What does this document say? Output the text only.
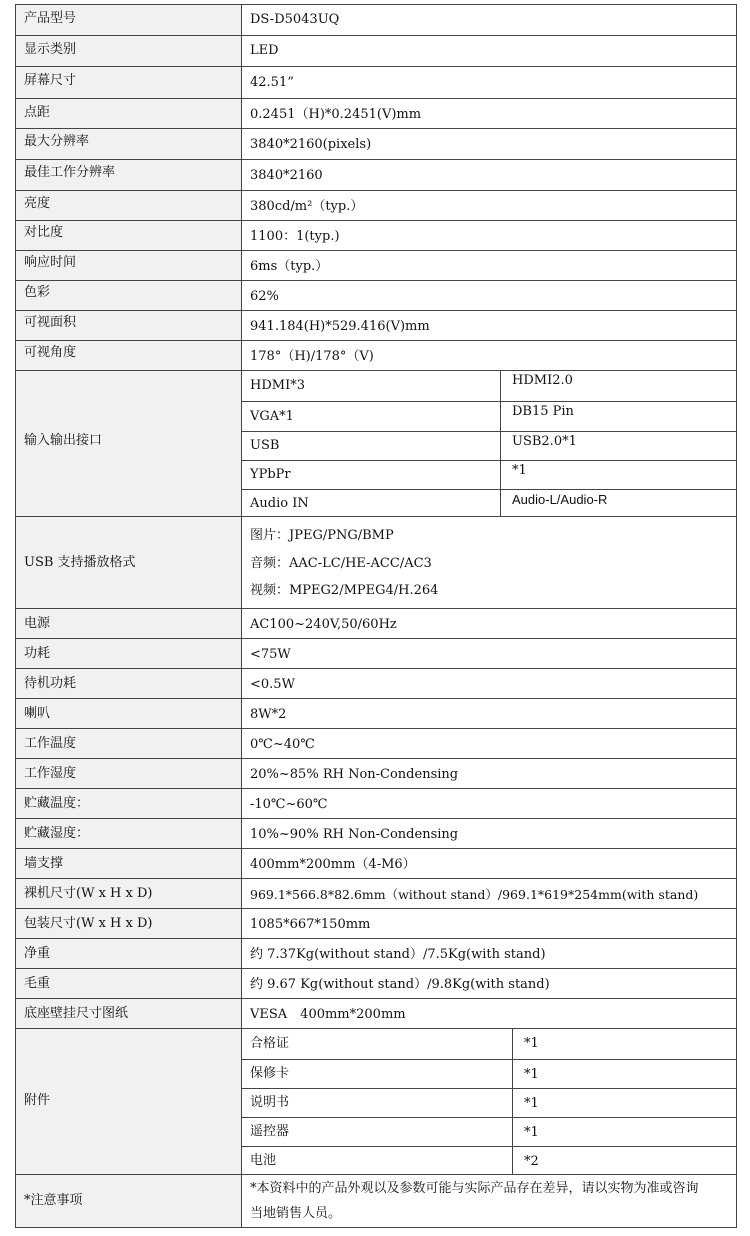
产品型号	DS-D5043UQ
显示类别	LED
屏幕尺寸	42.51”
点距	0.2451（H)*0.2451(V)mm
最大分辨率	3840*2160(pixels)
最佳工作分辨率	3840*2160
亮度	380cd/m²（typ.）
对比度	1100：1(typ.)
响应时间	6ms（typ.）
色彩	62%
可视面积	941.184(H)*529.416(V)mm
可视角度	178°（H)/178°（V)
输入输出接口
HDMI*3	HDMI2.0
VGA*1	DB15 Pin
USB	USB2.0*1
YPbPr	*1
Audio IN	Audio-L/Audio-R
USB 支持播放格式
图片：JPEG/PNG/BMP
音频：AAC-LC/HE-ACC/AC3
视频：MPEG2/MPEG4/H.264
电源	AC100~240V,50/60Hz
功耗	<75W
待机功耗	<0.5W
喇叭	8W*2
工作温度	0℃~40℃
工作湿度	20%~85% RH Non-Condensing
贮藏温度：	-10℃~60℃
贮藏湿度：	10%~90% RH Non-Condensing
墙支撑	400mm*200mm（4-M6）
裸机尺寸(W x H x D)	969.1*566.8*82.6mm（without stand）/969.1*619*254mm(with stand)
包装尺寸(W x H x D)	1085*667*150mm
净重	约 7.37Kg(without stand）/7.5Kg(with stand)
毛重	约 9.67 Kg(without stand）/9.8Kg(with stand)
底座壁挂尺寸图纸	VESA　400mm*200mm
附件
合格证	*1
保修卡	*1
说明书	*1
遥控器	*1
电池	*2
*注意事项
*本资料中的产品外观以及参数可能与实际产品存在差异，请以实物为准或咨询
当地销售人员。
